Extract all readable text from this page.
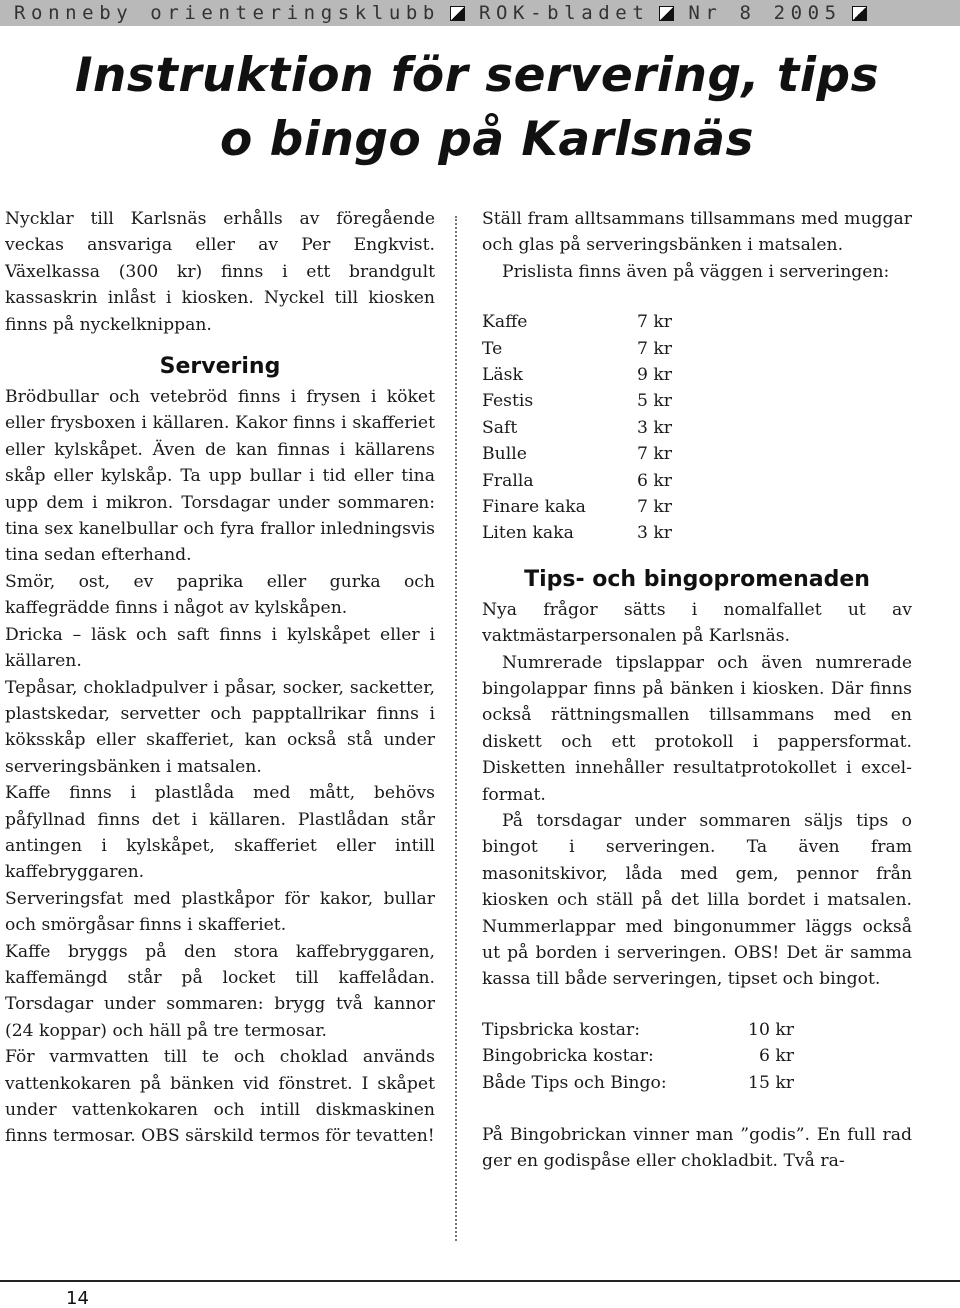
Ronneby orienteringsklubb ROK-bladet Nr 8 2005
Instruktion för servering, tips
o bingo på Karlsnäs

Nycklar till Karlsnäs erhålls av föregående veckas ansvariga eller av Per Engkvist. Växelkassa (300 kr) finns i ett brandgult kassaskrin inlåst i kiosken. Nyckel till kiosken finns på nyckelknippan.

Servering

Brödbullar och vetebröd finns i frysen i köket eller frysboxen i källaren. Kakor finns i skafferiet eller kylskåpet. Även de kan finnas i källarens skåp eller kylskåp. Ta upp bullar i tid eller tina upp dem i mikron. Torsdagar under sommaren: tina sex kanelbullar och fyra frallor inledningsvis tina sedan efterhand.

Smör, ost, ev paprika eller gurka och kaffegrädde finns i något av kylskåpen.

Dricka – läsk och saft finns i kylskåpet eller i källaren.

Tepåsar, chokladpulver i påsar, socker, sacketter, plastskedar, servetter och papptallrikar finns i köksskåp eller skafferiet, kan också stå under serveringsbänken i matsalen.

Kaffe finns i plastlåda med mått, behövs påfyllnad finns det i källaren. Plastlådan står antingen i kylskåpet, skafferiet eller intill kaffebryggaren.

Serveringsfat med plastkåpor för kakor, bullar och smörgåsar finns i skafferiet.

Kaffe bryggs på den stora kaffebryggaren, kaffemängd står på locket till kaffelådan. Torsdagar under sommaren: brygg två kannor (24 koppar) och häll på tre termosar.

För varmvatten till te och choklad används vattenkokaren på bänken vid fönstret. I skåpet under vattenkokaren och intill diskmaskinen finns termosar. OBS särskild termos för tevatten!

Ställ fram alltsammans tillsammans med muggar och glas på serveringsbänken i matsalen.

Prislista finns även på väggen i serveringen:

Kaffe	7 kr
Te	7 kr
Läsk	9 kr
Festis	5 kr
Saft	3 kr
Bulle	7 kr
Fralla	6 kr
Finare kaka	7 kr
Liten kaka	3 kr
Tips- och bingopromenaden

Nya frågor sätts i nomalfallet ut av vaktmästarpersonalen på Karlsnäs.

Numrerade tipslappar och även numrerade bingolappar finns på bänken i kiosken. Där finns också rättningsmallen tillsammans med en diskett och ett protokoll i pappersformat. Disketten innehåller resultatprotokollet i excel-format.

På torsdagar under sommaren säljs tips o bingot i serveringen. Ta även fram masonitskivor, låda med gem, pennor från kiosken och ställ på det lilla bordet i matsalen. Nummerlappar med bingonummer läggs också ut på borden i serveringen. OBS! Det är samma kassa till både serveringen, tipset och bingot.

Tipsbricka kostar:	10 kr
Bingobricka kostar:	6 kr
Både Tips och Bingo:	15 kr

På Bingobrickan vinner man ”godis”. En full rad ger en godispåse eller chokladbit. Två ra-

14
